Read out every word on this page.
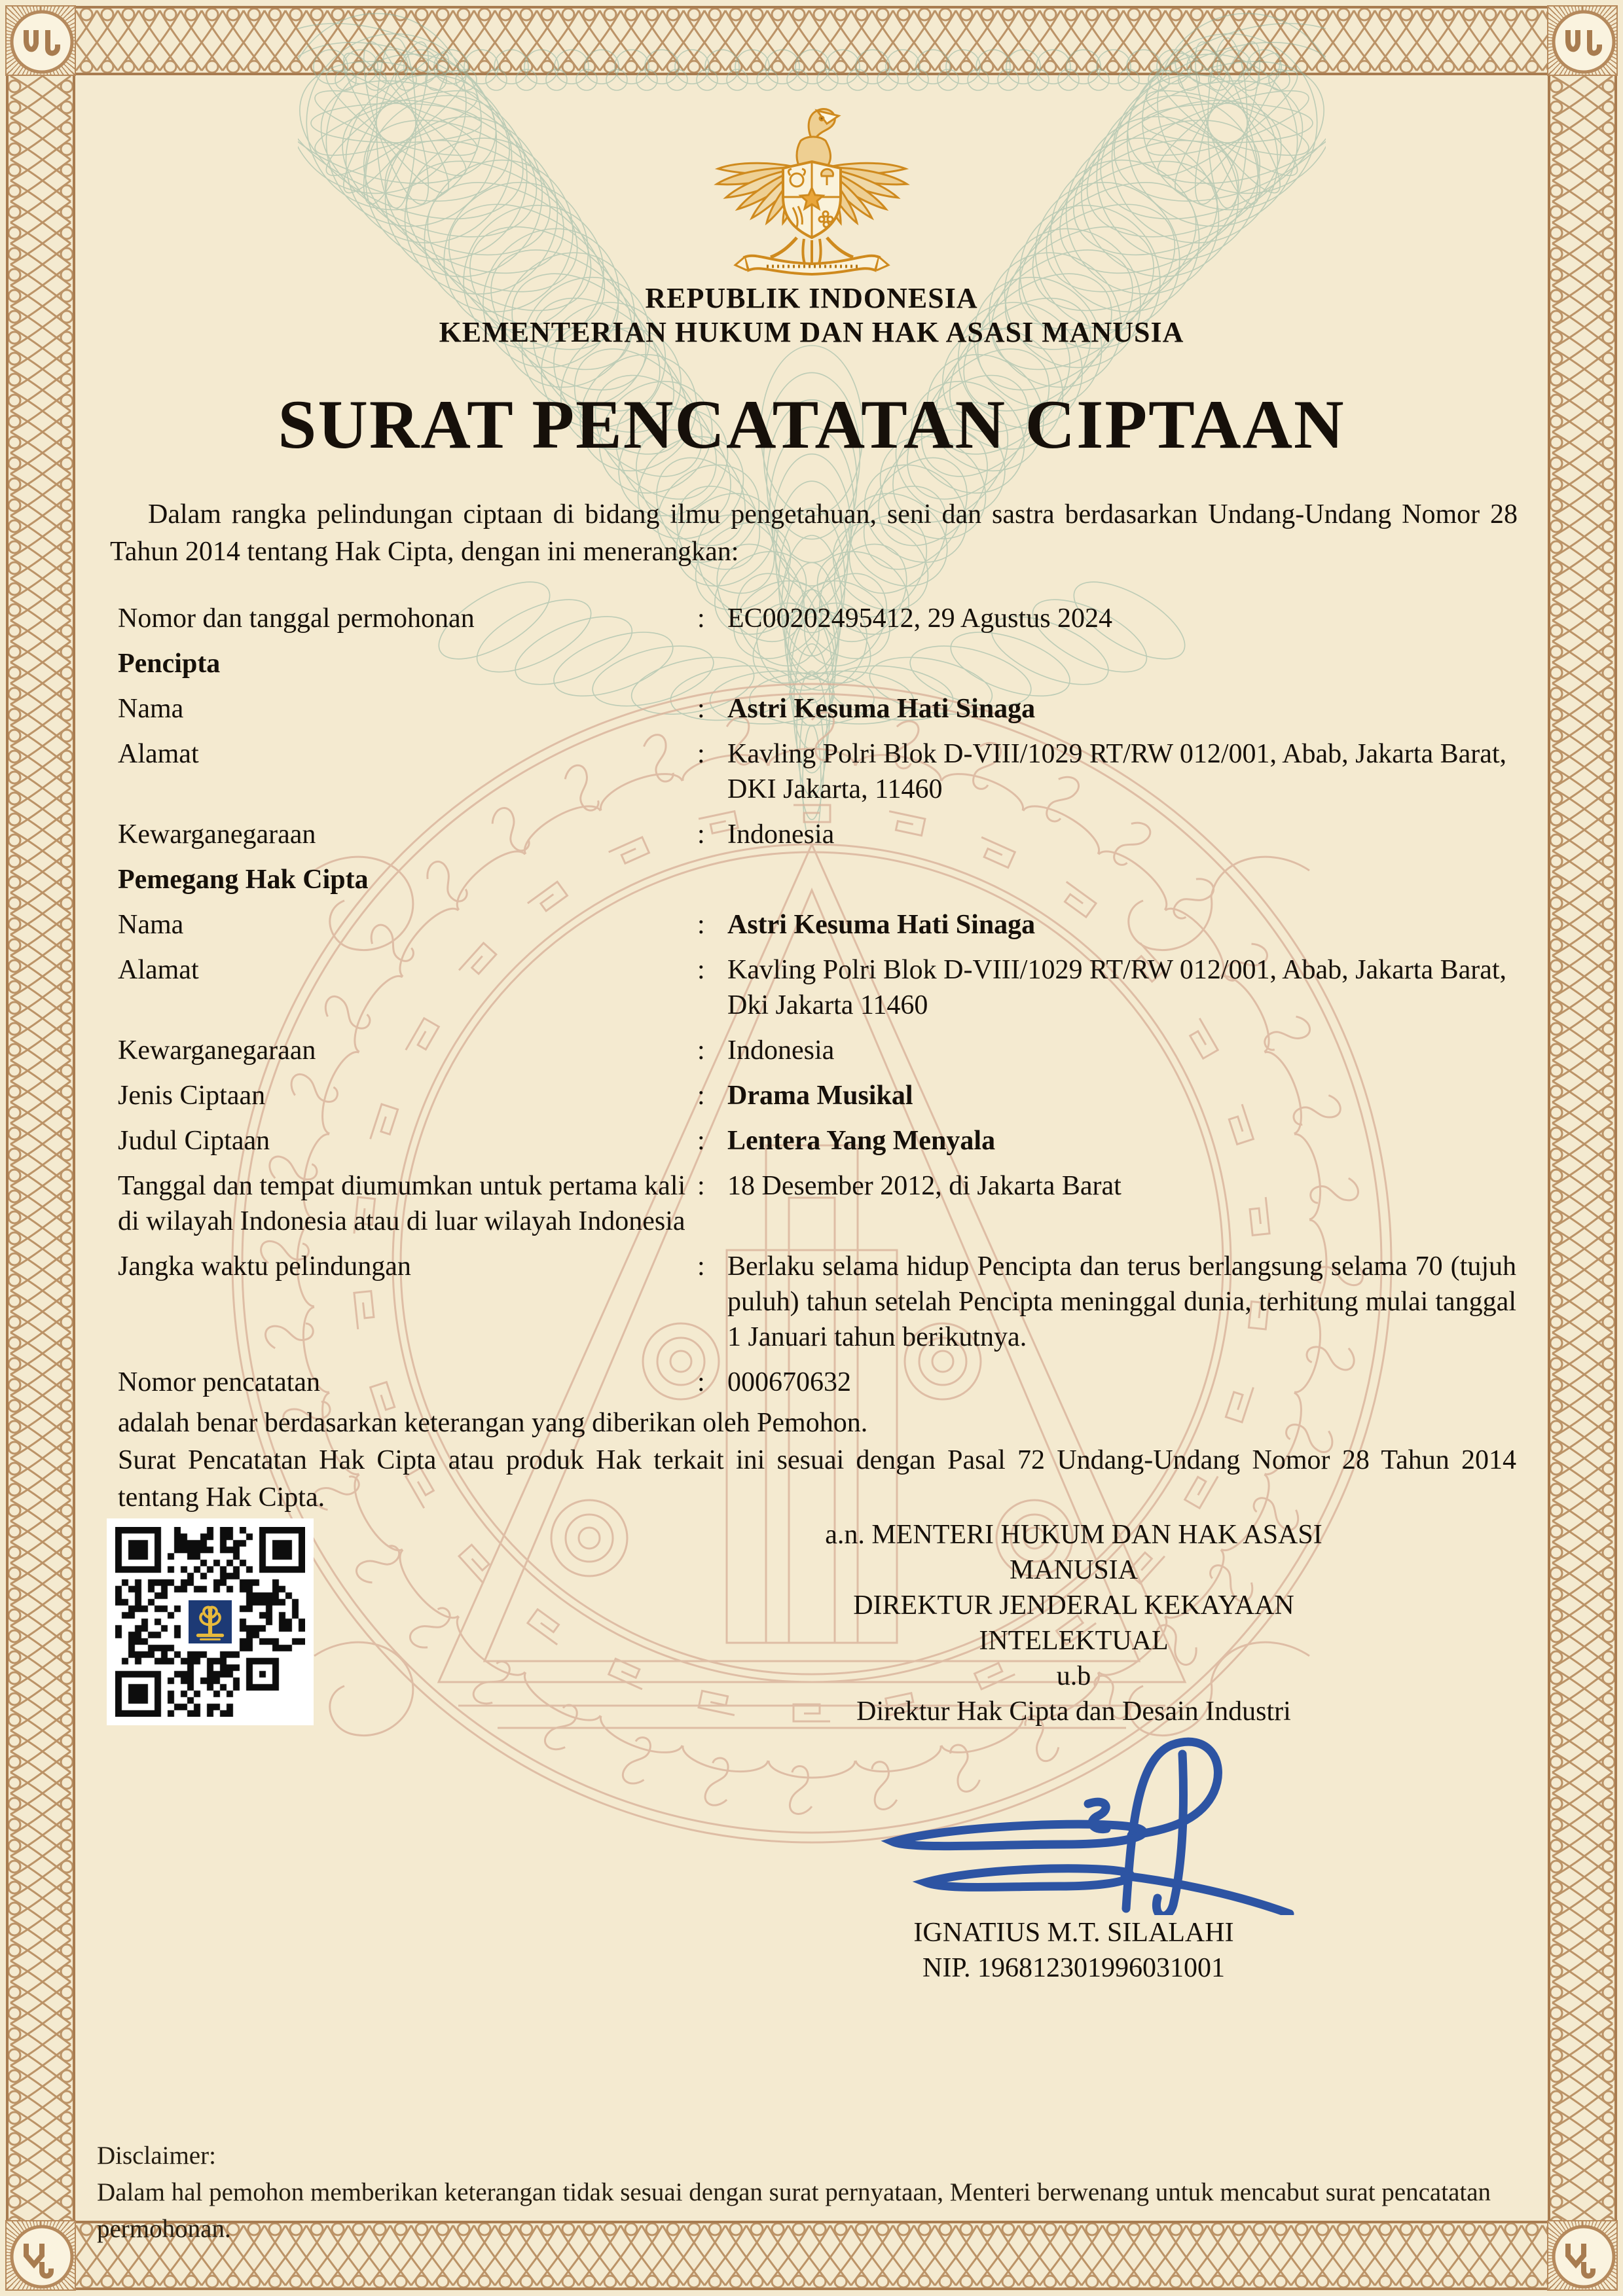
REPUBLIK INDONESIA
KEMENTERIAN HUKUM DAN HAK ASASI MANUSIA
SURAT PENCATATAN CIPTAAN

Dalam rangka pelindungan ciptaan di bidang ilmu pengetahuan, seni dan sastra berdasarkan Undang-Undang Nomor 28 Tahun 2014 tentang Hak Cipta, dengan ini menerangkan:

Nomor dan tanggal permohonan	: EC00202495412, 29 Agustus 2024
Pencipta
Nama	: Astri Kesuma Hati Sinaga
Alamat	: Kavling Polri Blok D-VIII/1029 RT/RW 012/001, Abab, Jakarta Barat, DKI Jakarta, 11460
Kewarganegaraan	: Indonesia
Pemegang Hak Cipta
Nama	: Astri Kesuma Hati Sinaga
Alamat	: Kavling Polri Blok D-VIII/1029 RT/RW 012/001, Abab, Jakarta Barat, Dki Jakarta 11460
Kewarganegaraan	: Indonesia
Jenis Ciptaan	: Drama Musikal
Judul Ciptaan	: Lentera Yang Menyala
Tanggal dan tempat diumumkan untuk pertama kali di wilayah Indonesia atau di luar wilayah Indonesia
: 18 Desember 2012, di Jakarta Barat
Jangka waktu pelindungan	: Berlaku selama hidup Pencipta dan terus berlangsung selama 70 (tujuh puluh) tahun setelah Pencipta meninggal dunia, terhitung mulai tanggal 1 Januari tahun berikutnya.
Nomor pencatatan	: 000670632

adalah benar berdasarkan keterangan yang diberikan oleh Pemohon.

Surat Pencatatan Hak Cipta atau produk Hak terkait ini sesuai dengan Pasal 72 Undang-Undang Nomor 28 Tahun 2014 tentang Hak Cipta.

a.n. MENTERI HUKUM DAN HAK ASASI MANUSIA
DIREKTUR JENDERAL KEKAYAAN INTELEKTUAL
u.b
Direktur Hak Cipta dan Desain Industri
IGNATIUS M.T. SILALAHI
NIP. 196812301996031001
Disclaimer:
Dalam hal pemohon memberikan keterangan tidak sesuai dengan surat pernyataan, Menteri berwenang untuk mencabut surat pencatatan permohonan.
